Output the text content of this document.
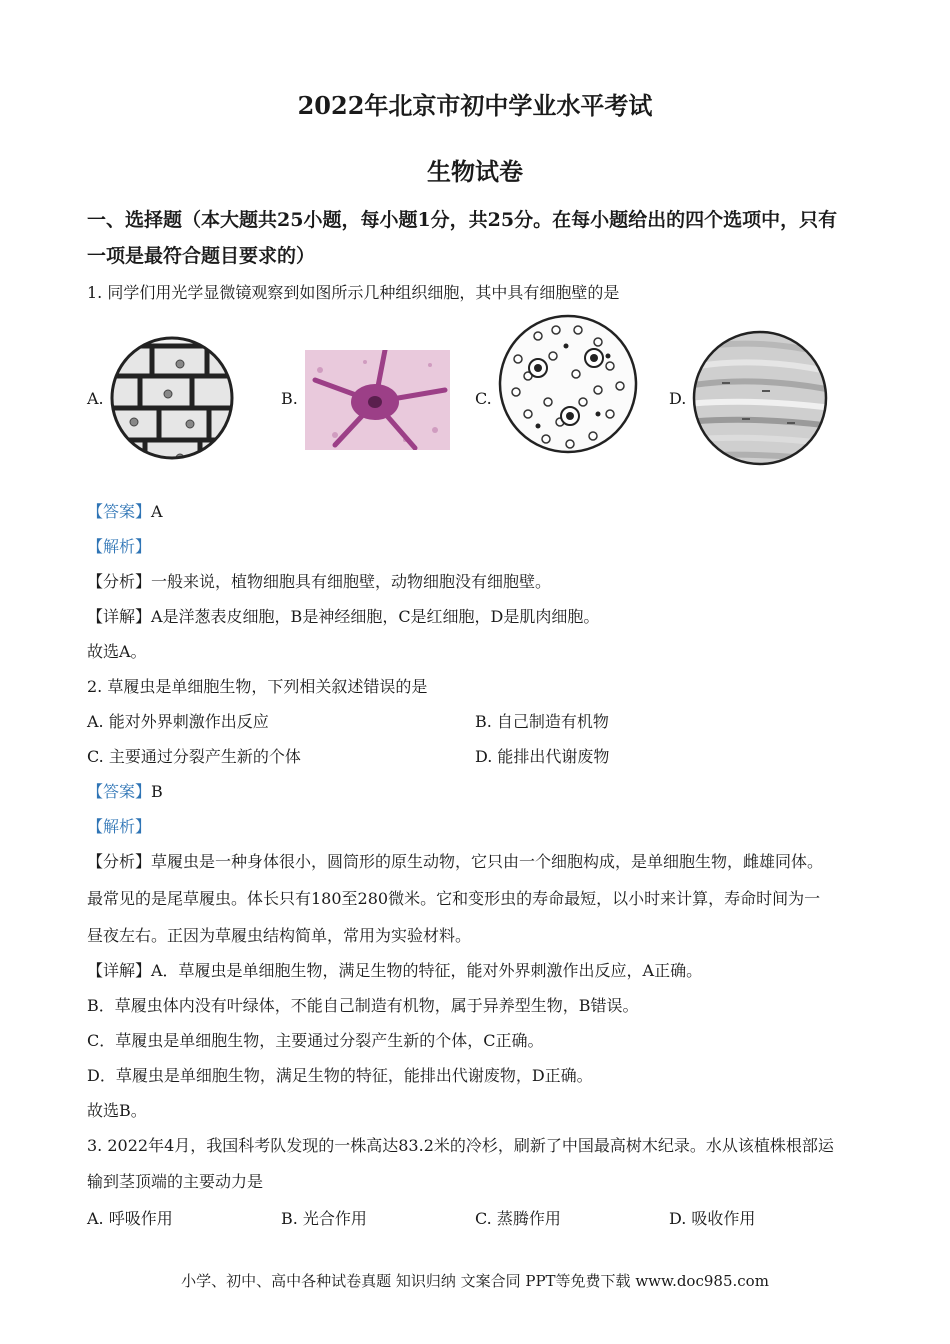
2022年北京市初中学业水平考试
生物试卷
一、选择题（本大题共25小题，每小题1分，共25分。在每小题给出的四个选项中，只有
一项是最符合题目要求的）
1. 同学们用光学显微镜观察到如图所示几种组织细胞，其中具有细胞壁的是
A.	B.	C.	D.
【答案】A
【解析】
【分析】一般来说，植物细胞具有细胞壁，动物细胞没有细胞壁。
【详解】A是洋葱表皮细胞，B是神经细胞，C是红细胞，D是肌肉细胞。
故选A。
2. 草履虫是单细胞生物，下列相关叙述错误的是
A. 能对外界刺激作出反应	B. 自己制造有机物
C. 主要通过分裂产生新的个体	D. 能排出代谢废物
【答案】B
【解析】
【分析】草履虫是一种身体很小，圆筒形的原生动物，它只由一个细胞构成，是单细胞生物，雌雄同体。
最常见的是尾草履虫。体长只有180至280微米。它和变形虫的寿命最短，以小时来计算，寿命时间为一
昼夜左右。正因为草履虫结构简单，常用为实验材料。
【详解】A．草履虫是单细胞生物，满足生物的特征，能对外界刺激作出反应，A正确。
B．草履虫体内没有叶绿体，不能自己制造有机物，属于异养型生物，B错误。
C．草履虫是单细胞生物，主要通过分裂产生新的个体，C正确。
D．草履虫是单细胞生物，满足生物的特征，能排出代谢废物，D正确。
故选B。
3. 2022年4月，我国科考队发现的一株高达83.2米的冷杉，刷新了中国最高树木纪录。水从该植株根部运
输到茎顶端的主要动力是
A. 呼吸作用	B. 光合作用	C. 蒸腾作用	D. 吸收作用
小学、初中、高中各种试卷真题 知识归纳 文案合同 PPT等免费下载 www.doc985.com
